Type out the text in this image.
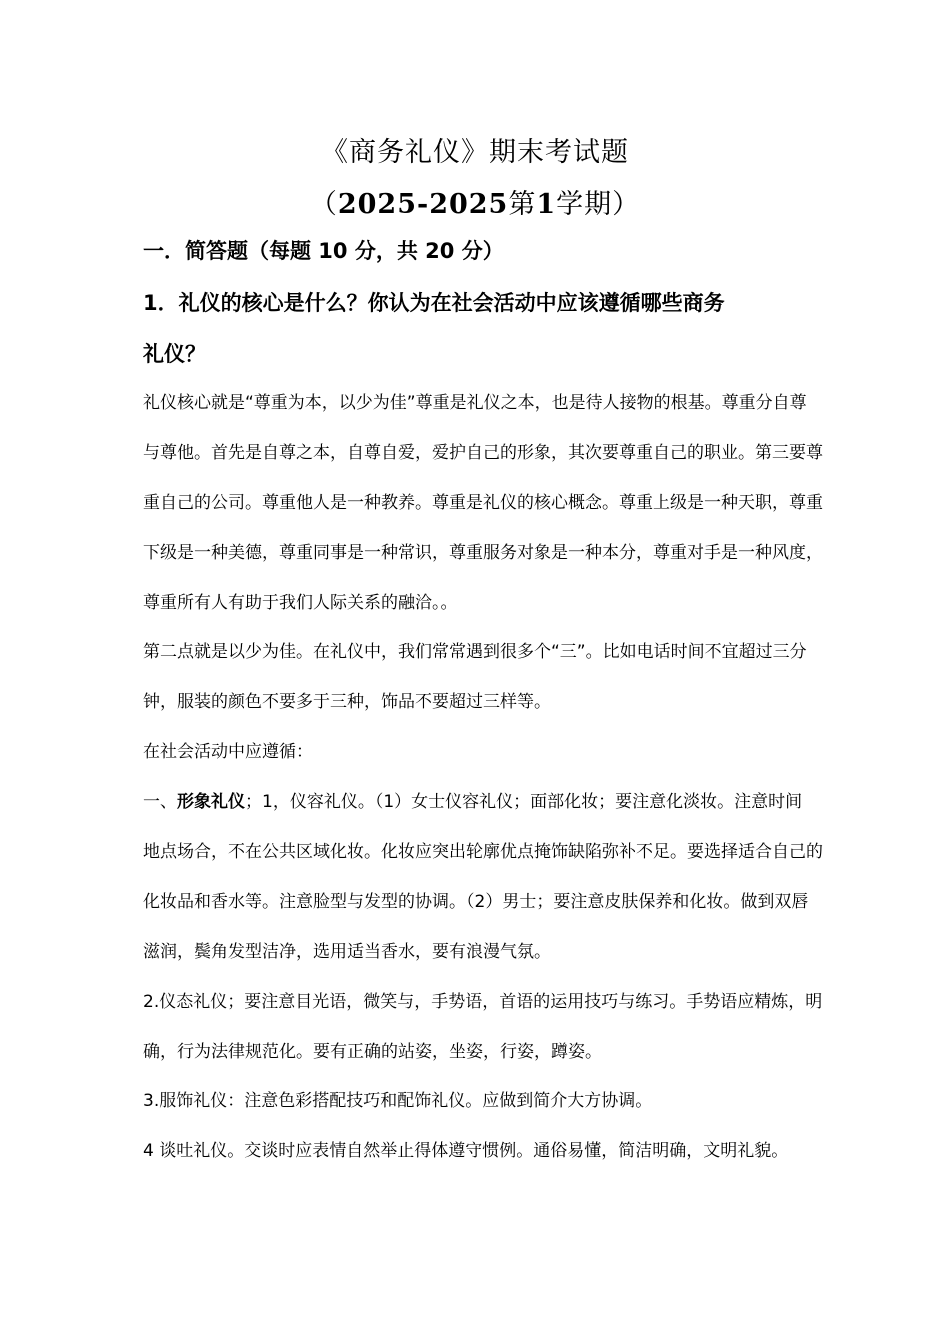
《商务礼仪》期末考试题
（2025-2025第1学期）
一．简答题（每题 10 分，共 20 分）
1．礼仪的核心是什么？你认为在社会活动中应该遵循哪些商务
礼仪？
礼仪核心就是“尊重为本，以少为佳”尊重是礼仪之本，也是待人接物的根基。尊重分自尊
与尊他。首先是自尊之本，自尊自爱，爱护自己的形象，其次要尊重自己的职业。第三要尊
重自己的公司。尊重他人是一种教养。尊重是礼仪的核心概念。尊重上级是一种天职，尊重
下级是一种美德，尊重同事是一种常识，尊重服务对象是一种本分，尊重对手是一种风度，
尊重所有人有助于我们人际关系的融洽。。
第二点就是以少为佳。在礼仪中，我们常常遇到很多个“三”。比如电话时间不宜超过三分
钟，服装的颜色不要多于三种，饰品不要超过三样等。
在社会活动中应遵循：
一、形象礼仪；1，仪容礼仪。（1）女士仪容礼仪；面部化妆；要注意化淡妆。注意时间
地点场合，不在公共区域化妆。化妆应突出轮廓优点掩饰缺陷弥补不足。要选择适合自己的
化妆品和香水等。注意脸型与发型的协调。（2）男士；要注意皮肤保养和化妆。做到双唇
滋润，鬓角发型洁净，选用适当香水，要有浪漫气氛。
2.仪态礼仪；要注意目光语，微笑与，手势语，首语的运用技巧与练习。手势语应精炼，明
确，行为法律规范化。要有正确的站姿，坐姿，行姿，蹲姿。
3.服饰礼仪：注意色彩搭配技巧和配饰礼仪。应做到简介大方协调。
4 谈吐礼仪。交谈时应表情自然举止得体遵守惯例。通俗易懂，简洁明确，文明礼貌。
